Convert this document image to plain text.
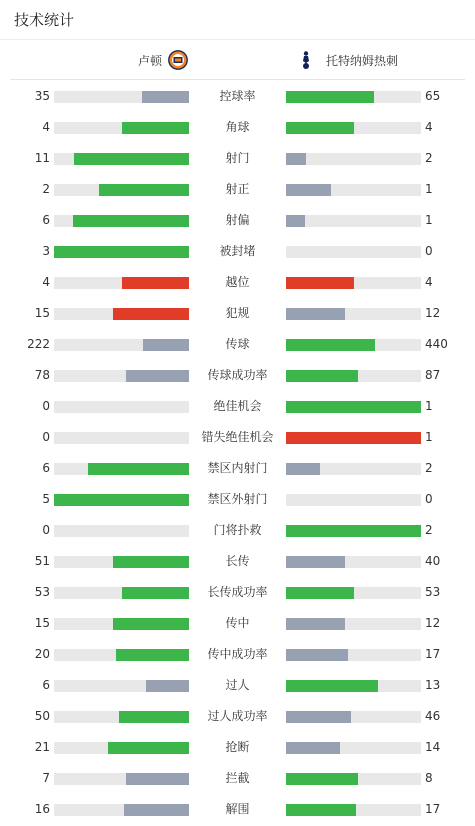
技术统计
卢顿	托特纳姆热刺
35	控球率	65
4	角球	4
11	射门	2
2	射正	1
6	射偏	1
3	被封堵	0
4	越位	4
15	犯规	12
222	传球	440
78	传球成功率	87
0	绝佳机会	1
0	错失绝佳机会	1
6	禁区内射门	2
5	禁区外射门	0
0	门将扑救	2
51	长传	40
53	长传成功率	53
15	传中	12
20	传中成功率	17
6	过人	13
50	过人成功率	46
21	抢断	14
7	拦截	8
16	解围	17
